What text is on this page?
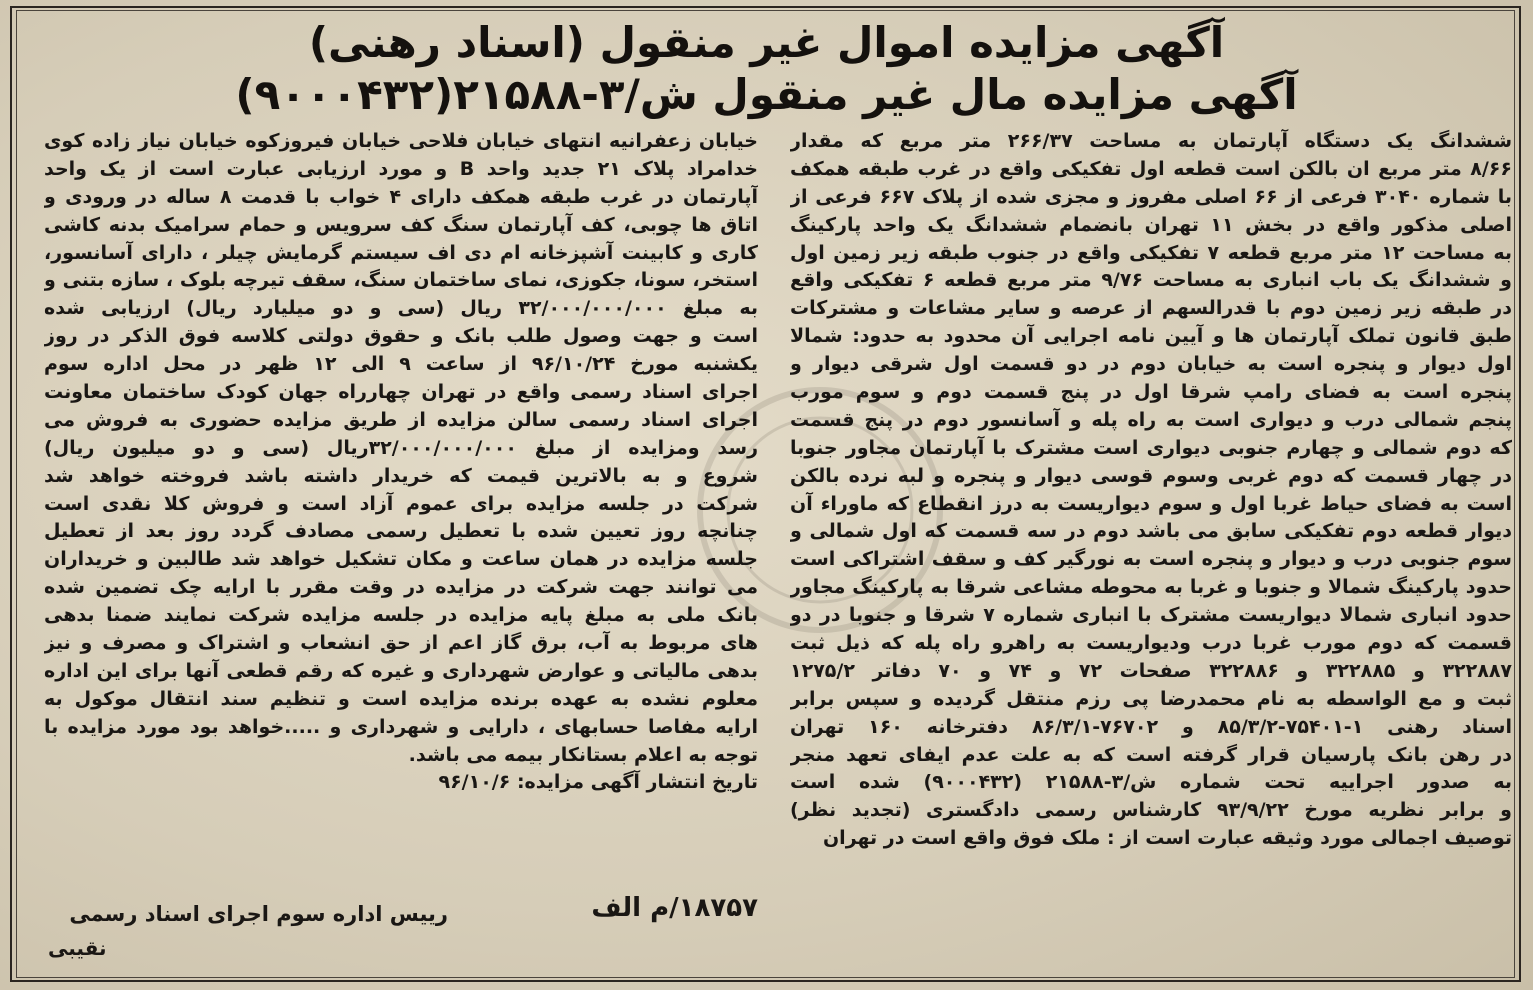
آگهی مزایده اموال غیر منقول (اسناد رهنی)
آگهی مزایده مال غیر منقول ش/۳-۲۱۵۸۸(۹۰۰۰۴۳۲)
ششدانگ یک دستگاه آپارتمان به مساحت ۲۶۶/۳۷ متر مربع که مقدار
۸/۶۶ متر مربع ان بالکن است قطعه اول تفکیکی واقع در غرب طبقه همکف
با شماره ۳۰۴۰ فرعی از ۶۶ اصلی مفروز و مجزی شده از پلاک ۶۶۷ فرعی از
اصلی مذکور واقع در بخش ۱۱ تهران بانضمام ششدانگ یک واحد پارکینگ
به مساحت ۱۲ متر مربع قطعه ۷ تفکیکی واقع در جنوب طبقه زیر زمین اول
و ششدانگ یک باب انباری به مساحت ۹/۷۶ متر مربع قطعه ۶ تفکیکی واقع
در طبقه زیر زمین دوم با قدرالسهم از عرصه و سایر مشاعات و مشترکات
طبق قانون تملک آپارتمان ها و آیین نامه اجرایی آن محدود به حدود: شمالا
اول دیوار و پنجره است به خیابان دوم در دو قسمت اول شرقی دیوار و
پنجره است به فضای رامپ شرقا اول در پنج قسمت دوم و سوم مورب
پنجم شمالی درب و دیواری است به راه پله و آسانسور دوم در پنج قسمت
که دوم شمالی و چهارم جنوبی دیواری است مشترک با آپارتمان مجاور جنوبا
در چهار قسمت که دوم غربی وسوم قوسی دیوار و پنجره و لبه نرده بالکن
است به فضای حیاط غربا اول و سوم دیواریست به درز انقطاع که ماوراء آن
دیوار قطعه دوم تفکیکی سابق می باشد دوم در سه قسمت که اول شمالی و
سوم جنوبی درب و دیوار و پنجره است به نورگیر کف و سقف اشتراکی است
حدود پارکینگ شمالا و جنوبا و غربا به محوطه مشاعی شرقا به پارکینگ مجاور
حدود انباری شمالا دیواریست مشترک با انباری شماره ۷ شرقا و جنوبا در دو
قسمت که دوم مورب غربا درب ودیواریست به راهرو راه پله که ذیل ثبت
۳۲۲۸۸۷ و ۳۲۲۸۸۵ و ۳۲۲۸۸۶ صفحات ۷۲ و ۷۴ و ۷۰ دفاتر ۱۲۷۵/۲
ثبت و مع الواسطه به نام محمدرضا پی رزم منتقل گردیده و سپس برابر
اسناد رهنی ۱-۷۵۴۰۱-۸۵/۳/۲ و ۷۶۷۰۲-۸۶/۳/۱ دفترخانه ۱۶۰ تهران
در رهن بانک پارسیان قرار گرفته است که به علت عدم ایفای تعهد منجر
به صدور اجراییه تحت شماره ش/۳-۲۱۵۸۸ (۹۰۰۰۴۳۲) شده است
و برابر نظریه مورخ ۹۳/۹/۲۲ کارشناس رسمی دادگستری (تجدید نظر)
توصیف اجمالی مورد وثیقه عبارت است از : ملک فوق واقع است در تهران
خیابان زعفرانیه انتهای خیابان فلاحی خیابان فیروزکوه خیابان نیاز زاده کوی
خدامراد پلاک ۲۱ جدید واحد B و مورد ارزیابی عبارت است از یک واحد
آپارتمان در غرب طبقه همکف دارای ۴ خواب با قدمت ۸ ساله در ورودی و
اتاق ها چوبی، کف آپارتمان سنگ کف سرویس و حمام سرامیک بدنه کاشی
کاری و کابینت آشپزخانه ام دی اف سیستم گرمایش چیلر ، دارای آسانسور،
استخر، سونا، جکوزی، نمای ساختمان سنگ، سقف تیرچه بلوک ، سازه بتنی و
به مبلغ ۳۲/۰۰۰/۰۰۰/۰۰۰ ریال (سی و دو میلیارد ریال) ارزیابی شده
است و جهت وصول طلب بانک و حقوق دولتی کلاسه فوق الذکر در روز
یکشنبه مورخ ۹۶/۱۰/۲۴ از ساعت ۹ الی ۱۲ ظهر در محل اداره سوم
اجرای اسناد رسمی واقع در تهران چهارراه جهان کودک ساختمان معاونت
اجرای اسناد رسمی سالن مزایده از طریق مزایده حضوری به فروش می
رسد ومزایده از مبلغ ۳۲/۰۰۰/۰۰۰/۰۰۰ریال (سی و دو میلیون ریال)
شروع و به بالاترین قیمت که خریدار داشته باشد فروخته خواهد شد
شرکت در جلسه مزایده برای عموم آزاد است و فروش کلا نقدی است
چنانچه روز تعیین شده با تعطیل رسمی مصادف گردد روز بعد از تعطیل
جلسه مزایده در همان ساعت و مکان تشکیل خواهد شد طالبین و خریداران
می توانند جهت شرکت در مزایده در وقت مقرر با ارایه چک تضمین شده
بانک ملی به مبلغ پایه مزایده در جلسه مزایده شرکت نمایند ضمنا بدهی
های مربوط به آب، برق گاز اعم از حق انشعاب و اشتراک و مصرف و نیز
بدهی مالیاتی و عوارض شهرداری و غیره که رقم قطعی آنها برای این اداره
معلوم نشده به عهده برنده مزایده است و تنظیم سند انتقال موکول به
ارایه مفاصا حسابهای ، دارایی و شهرداری و .....خواهد بود مورد مزایده با
توجه به اعلام بستانکار بیمه می باشد.
تاریخ انتشار آگهی مزایده: ۹۶/۱۰/۶
۱۸۷۵۷/م الف
رییس اداره سوم اجرای اسناد رسمی
نقیبی
